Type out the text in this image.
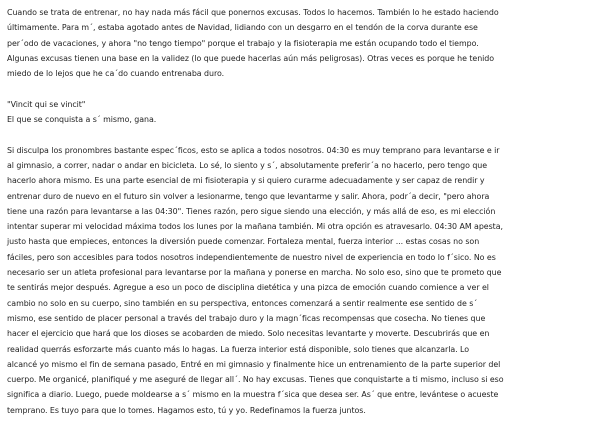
Cuando se trata de entrenar, no hay nada más fácil que ponernos excusas. Todos lo hacemos. También lo he estado haciendo
últimamente. Para m´, estaba agotado antes de Navidad, lidiando con un desgarro en el tendón de la corva durante ese
per´odo de vacaciones, y ahora "no tengo tiempo" porque el trabajo y la fisioterapia me están ocupando todo el tiempo.
Algunas excusas tienen una base en la validez (lo que puede hacerlas aún más peligrosas). Otras veces es porque he tenido
miedo de lo lejos que he ca´do cuando entrenaba duro.
"Vincit qui se vincit"
El que se conquista a s´ mismo, gana.
Si disculpa los pronombres bastante espec´ficos, esto se aplica a todos nosotros. 04:30 es muy temprano para levantarse e ir
al gimnasio, a correr, nadar o andar en bicicleta. Lo sé, lo siento y s´, absolutamente preferir´a no hacerlo, pero tengo que
hacerlo ahora mismo. Es una parte esencial de mi fisioterapia y si quiero curarme adecuadamente y ser capaz de rendir y
entrenar duro de nuevo en el futuro sin volver a lesionarme, tengo que levantarme y salir. Ahora, podr´a decir, "pero ahora
tiene una razón para levantarse a las 04:30". Tienes razón, pero sigue siendo una elección, y más allá de eso, es mi elección
intentar superar mi velocidad máxima todos los lunes por la mañana también. Mi otra opción es atravesarlo. 04:30 AM apesta,
justo hasta que empieces, entonces la diversión puede comenzar. Fortaleza mental, fuerza interior ... estas cosas no son
fáciles, pero son accesibles para todos nosotros independientemente de nuestro nivel de experiencia en todo lo f´sico. No es
necesario ser un atleta profesional para levantarse por la mañana y ponerse en marcha. No solo eso, sino que te prometo que
te sentirás mejor después. Agregue a eso un poco de disciplina dietética y una pizca de emoción cuando comience a ver el
cambio no solo en su cuerpo, sino también en su perspectiva, entonces comenzará a sentir realmente ese sentido de s´
mismo, ese sentido de placer personal a través del trabajo duro y la magn´ficas recompensas que cosecha. No tienes que
hacer el ejercicio que hará que los dioses se acobarden de miedo. Solo necesitas levantarte y moverte. Descubrirás que en
realidad querrás esforzarte más cuanto más lo hagas. La fuerza interior está disponible, solo tienes que alcanzarla. Lo
alcancé yo mismo el fin de semana pasado, Entré en mi gimnasio y finalmente hice un entrenamiento de la parte superior del
cuerpo. Me organicé, planifiqué y me aseguré de llegar all´. No hay excusas. Tienes que conquistarte a ti mismo, incluso si eso
significa a diario. Luego, puede moldearse a s´ mismo en la muestra f´sica que desea ser. As´ que entre, levántese o acueste
temprano. Es tuyo para que lo tomes. Hagamos esto, tú y yo. Redefinamos la fuerza juntos.
